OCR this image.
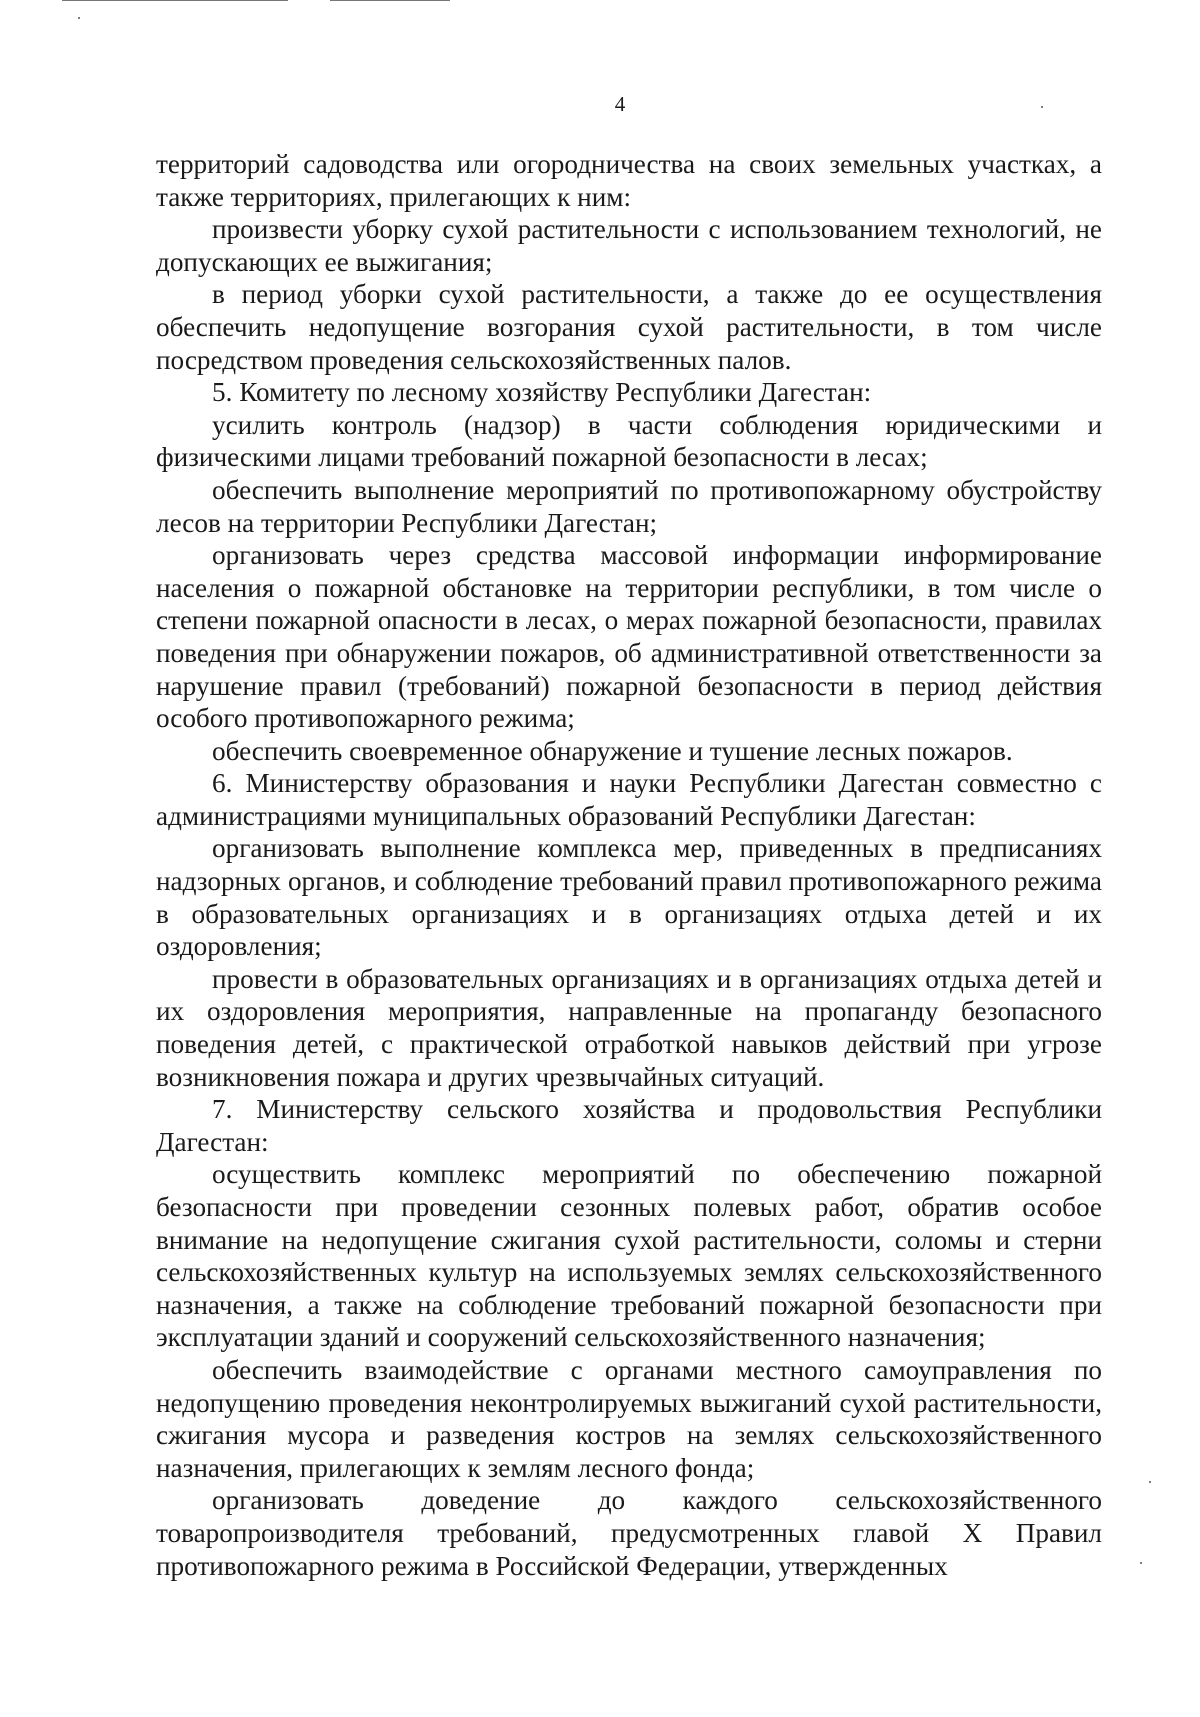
4

территорий садоводства или огородничества на своих земельных участках, а также территориях, прилегающих к ним:

произвести уборку сухой растительности с использованием технологий, не допускающих ее выжигания;

в период уборки сухой растительности, а также до ее осуществления обеспечить недопущение возгорания сухой растительности, в том числе посредством проведения сельскохозяйственных палов.

5. Комитету по лесному хозяйству Республики Дагестан:

усилить контроль (надзор) в части соблюдения юридическими и физическими лицами требований пожарной безопасности в лесах;

обеспечить выполнение мероприятий по противопожарному обустройству лесов на территории Республики Дагестан;

организовать через средства массовой информации информирование населения о пожарной обстановке на территории республики, в том числе о степени пожарной опасности в лесах, о мерах пожарной безопасности, правилах поведения при обнаружении пожаров, об административной ответственности за нарушение правил (требований) пожарной безопасности в период действия особого противопожарного режима;

обеспечить своевременное обнаружение и тушение лесных пожаров.

6. Министерству образования и науки Республики Дагестан совместно с администрациями муниципальных образований Республики Дагестан:

организовать выполнение комплекса мер, приведенных в предписаниях надзорных органов, и соблюдение требований правил противопожарного режима в образовательных организациях и в организациях отдыха детей и их оздоровления;

провести в образовательных организациях и в организациях отдыха детей и их оздоровления мероприятия, направленные на пропаганду безопасного поведения детей, с практической отработкой навыков действий при угрозе возникновения пожара и других чрезвычайных ситуаций.

7. Министерству сельского хозяйства и продовольствия Республики Дагестан:

осуществить комплекс мероприятий по обеспечению пожарной безопасности при проведении сезонных полевых работ, обратив особое внимание на недопущение сжигания сухой растительности, соломы и стерни сельскохозяйственных культур на используемых землях сельскохозяйственного назначения, а также на соблюдение требований пожарной безопасности при эксплуатации зданий и сооружений сельскохозяйственного назначения;

обеспечить взаимодействие с органами местного самоуправления по недопущению проведения неконтролируемых выжиганий сухой растительности, сжигания мусора и разведения костров на землях сельскохозяйственного назначения, прилегающих к землям лесного фонда;

организовать доведение до каждого сельскохозяйственного товаропроизводителя требований, предусмотренных главой X Правил противопожарного режима в Российской Федерации, утвержденных
